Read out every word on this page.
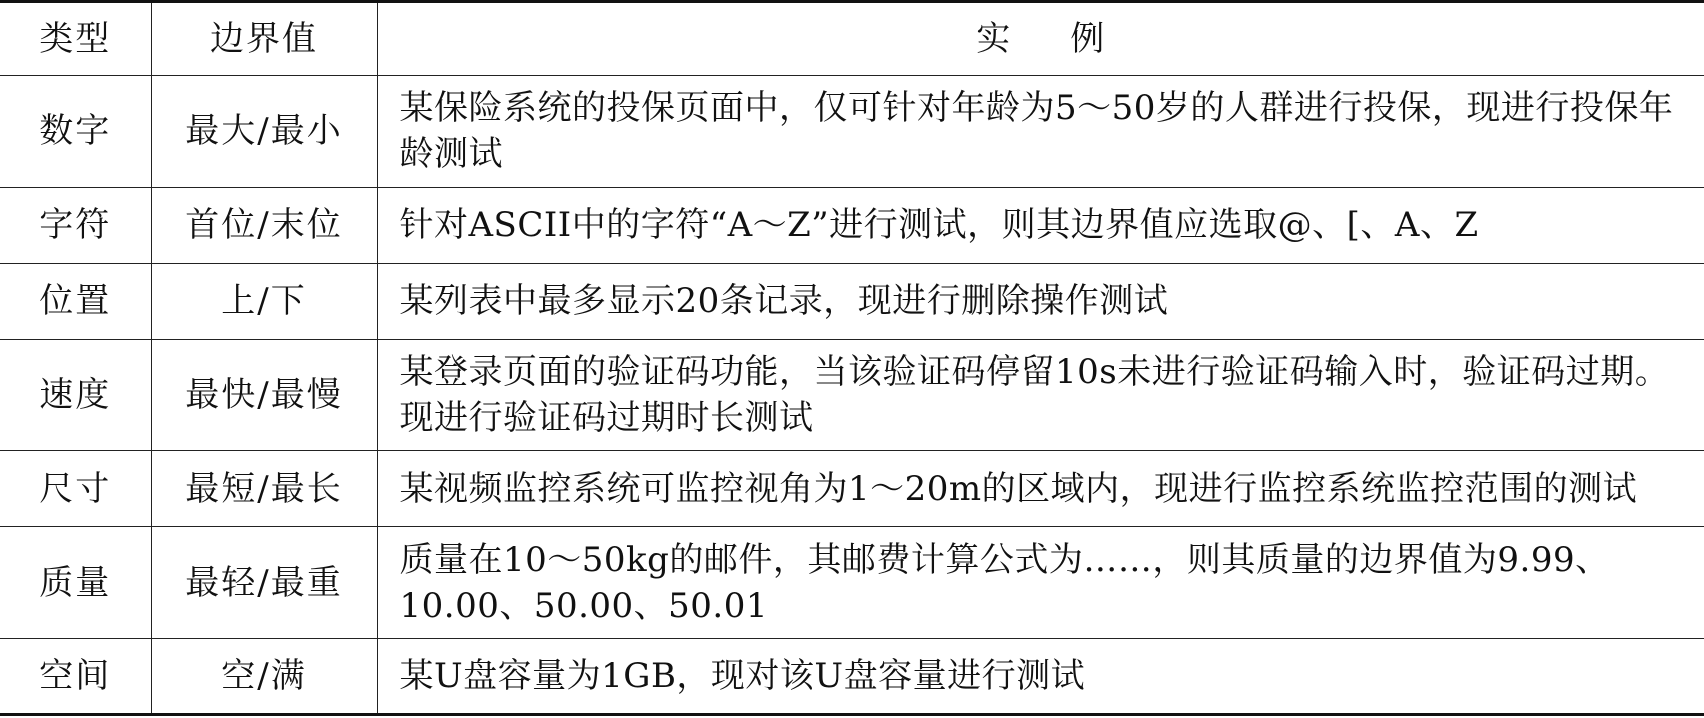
类型	边界值	实例
数字	最大/最小	某保险系统的投保页面中，仅可针对年龄为5～50岁的人群进行投保，现进行投保年龄测试
字符	首位/末位	针对ASCII中的字符“A～Z”进行测试，则其边界值应选取@、[、A、Z
位置	上/下	某列表中最多显示20条记录，现进行删除操作测试
速度	最快/最慢	某登录页面的验证码功能，当该验证码停留10s未进行验证码输入时，验证码过期。现进行验证码过期时长测试
尺寸	最短/最长	某视频监控系统可监控视角为1～20m的区域内，现进行监控系统监控范围的测试
质量	最轻/最重	质量在10～50kg的邮件，其邮费计算公式为……，则其质量的边界值为9.99、10.00、50.00、50.01
空间	空/满	某U盘容量为1GB，现对该U盘容量进行测试
